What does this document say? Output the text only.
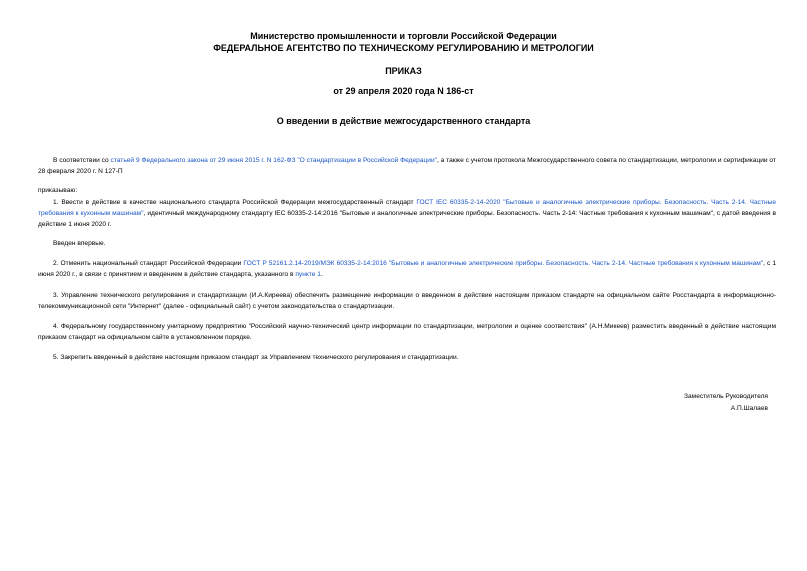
Министерство промышленности и торговли Российской Федерации
ФЕДЕРАЛЬНОЕ АГЕНТСТВО ПО ТЕХНИЧЕСКОМУ РЕГУЛИРОВАНИЮ И МЕТРОЛОГИИ
ПРИКАЗ
от 29 апреля 2020 года N 186-ст
О введении в действие межгосударственного стандарта
В соответствии со статьей 9 Федерального закона от 29 июня 2015 г. N 162-ФЗ "О стандартизации в Российской Федерации", а также с учетом протокола Межгосударственного совета по стандартизации, метрологии и сертификации от 28 февраля 2020 г. N 127-П
приказываю:
1. Ввести в действие в качестве национального стандарта Российской Федерации межгосударственный стандарт ГОСТ IEC 60335-2-14-2020 "Бытовые и аналогичные электрические приборы. Безопасность. Часть 2-14. Частные требования к кухонным машинам", идентичный международному стандарту IEC 60335-2-14:2016 "Бытовые и аналогичные электрические приборы. Безопасность. Часть 2-14: Частные требования к кухонным машинам", с датой введения в действие 1 июня 2020 г.
Введен впервые.
2. Отменить национальный стандарт Российской Федерации ГОСТ Р 52161.2.14-2019/МЭК 60335-2-14:2016 "Бытовые и аналогичные электрические приборы. Безопасность. Часть 2-14. Частные требования к кухонным машинам", с 1 июня 2020 г., в связи с принятием и введением в действие стандарта, указанного в пункте 1.
3. Управление технического регулирования и стандартизации (И.А.Киреева) обеспечить размещение информации о введенном в действие настоящим приказом стандарте на официальном сайте Росстандарта в информационно-телекоммуникационной сети "Интернет" (далее - официальный сайт) с учетом законодательства о стандартизации.
4. Федеральному государственному унитарному предприятию "Российский научно-технический центр информации по стандартизации, метрологии и оценке соответствия" (А.Н.Микеев) разместить введенный в действие настоящим приказом стандарт на официальном сайте в установленном порядке.
5. Закрепить введенный в действие настоящим приказом стандарт за Управлением технического регулирования и стандартизации.
Заместитель Руководителя
А.П.Шалаев
